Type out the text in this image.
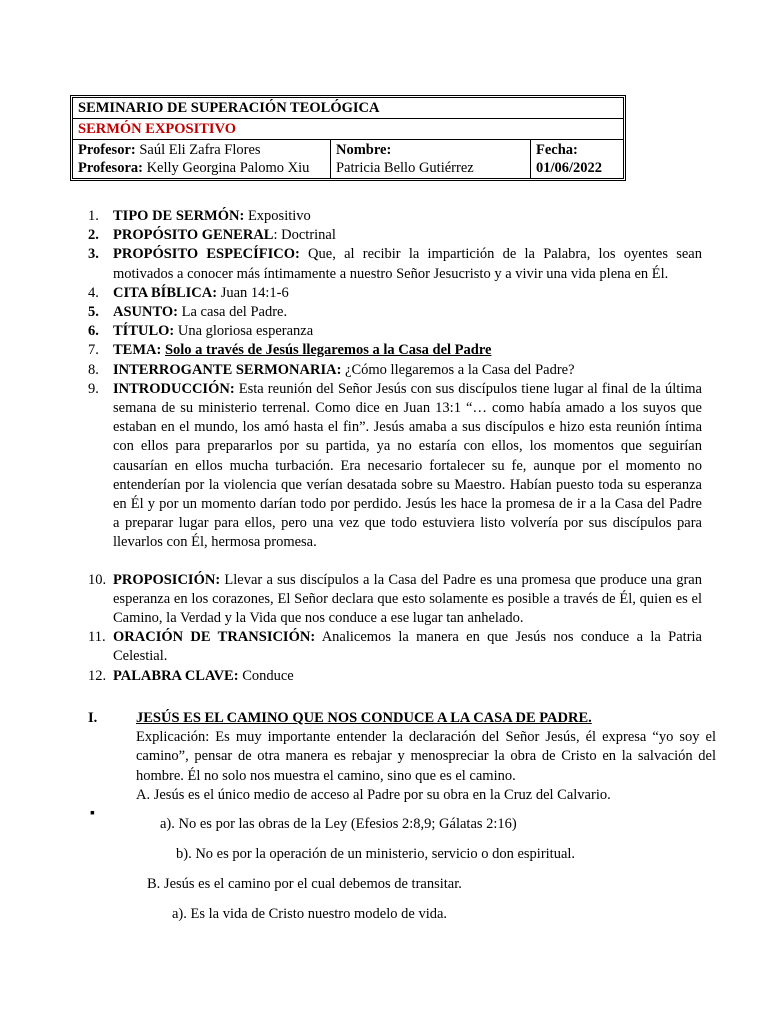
SEMINARIO DE SUPERACIÓN TEOLÓGICA
SERMÓN EXPOSITIVO
Profesor: Saúl Eli Zafra Flores
Profesora: Kelly Georgina Palomo Xiu
Nombre:
Patricia Bello Gutiérrez
Fecha:
01/06/2022
1. TIPO DE SERMÓN: Expositivo
2. PROPÓSITO GENERAL: Doctrinal
3. PROPÓSITO ESPECÍFICO: Que, al recibir la impartición de la Palabra, los oyentes sean motivados a conocer más íntimamente a nuestro Señor Jesucristo y a vivir una vida plena en Él.
4. CITA BÍBLICA: Juan 14:1-6
5. ASUNTO: La casa del Padre.
6. TÍTULO: Una gloriosa esperanza
7. TEMA: Solo a través de Jesús llegaremos a la Casa del Padre
8. INTERROGANTE SERMONARIA: ¿Cómo llegaremos a la Casa del Padre?
9. INTRODUCCIÓN: Esta reunión del Señor Jesús con sus discípulos tiene lugar al final de la última semana de su ministerio terrenal. Como dice en Juan 13:1 “… como había amado a los suyos que estaban en el mundo, los amó hasta el fin”. Jesús amaba a sus discípulos e hizo esta reunión íntima con ellos para prepararlos por su partida, ya no estaría con ellos, los momentos que seguirían causarían en ellos mucha turbación. Era necesario fortalecer su fe, aunque por el momento no entenderían por la violencia que verían desatada sobre su Maestro. Habían puesto toda su esperanza en Él y por un momento darían todo por perdido. Jesús les hace la promesa de ir a la Casa del Padre a preparar lugar para ellos, pero una vez que todo estuviera listo volvería por sus discípulos para llevarlos con Él, hermosa promesa.
10. PROPOSICIÓN: Llevar a sus discípulos a la Casa del Padre es una promesa que produce una gran esperanza en los corazones, El Señor declara que esto solamente es posible a través de Él, quien es el Camino, la Verdad y la Vida que nos conduce a ese lugar tan anhelado.
11. ORACIÓN DE TRANSICIÓN: Analicemos la manera en que Jesús nos conduce a la Patria Celestial.
12. PALABRA CLAVE: Conduce
I.	JESÚS ES EL CAMINO QUE NOS CONDUCE A LA CASA DE PADRE.
Explicación: Es muy importante entender la declaración del Señor Jesús, él expresa “yo soy el camino”, pensar de otra manera es rebajar y menospreciar la obra de Cristo en la salvación del hombre. Él no solo nos muestra el camino, sino que es el camino.
A. Jesús es el único medio de acceso al Padre por su obra en la Cruz del Calvario.
▪
a). No es por las obras de la Ley (Efesios 2:8,9; Gálatas 2:16)
b). No es por la operación de un ministerio, servicio o don espiritual.
B. Jesús es el camino por el cual debemos de transitar.
a). Es la vida de Cristo nuestro modelo de vida.
